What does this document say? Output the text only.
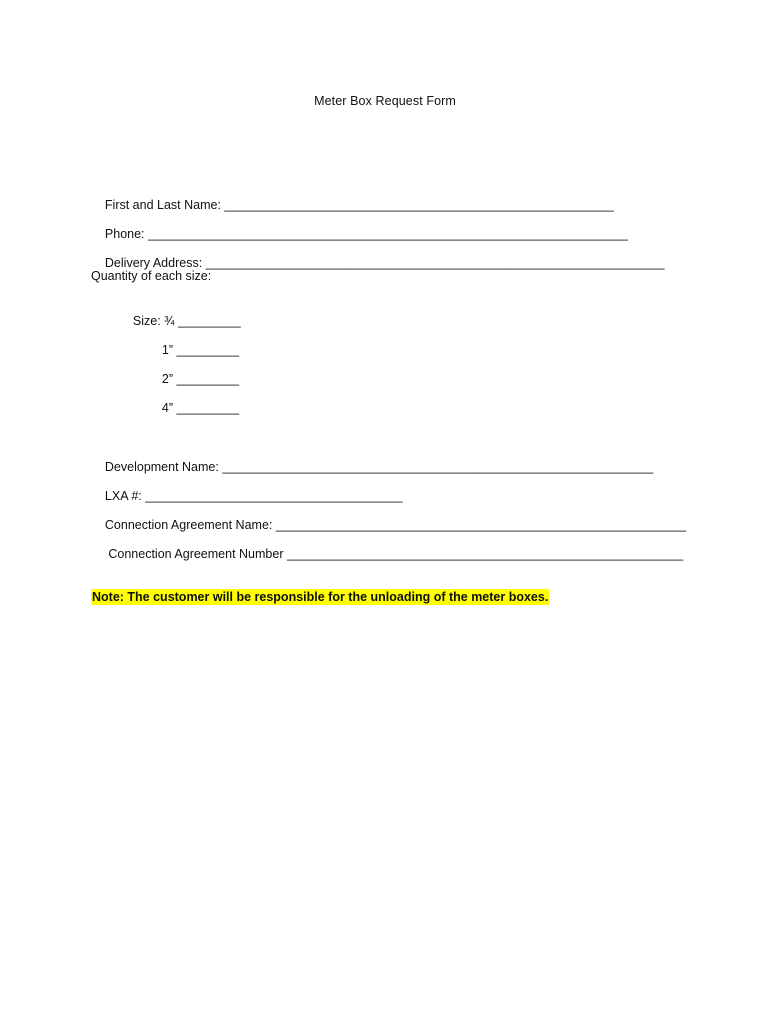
Meter Box Request Form

First and Last Name: ________________________________________________________

Phone: _____________________________________________________________________

Delivery Address: __________________________________________________________________

Quantity of each size:

Size: ¾ _________

1” _________

2” _________

4” _________

Development Name: ______________________________________________________________

LXA #: _____________________________________

Connection Agreement Name: ___________________________________________________________

Connection Agreement Number _________________________________________________________

Note: The customer will be responsible for the unloading of the meter boxes.
